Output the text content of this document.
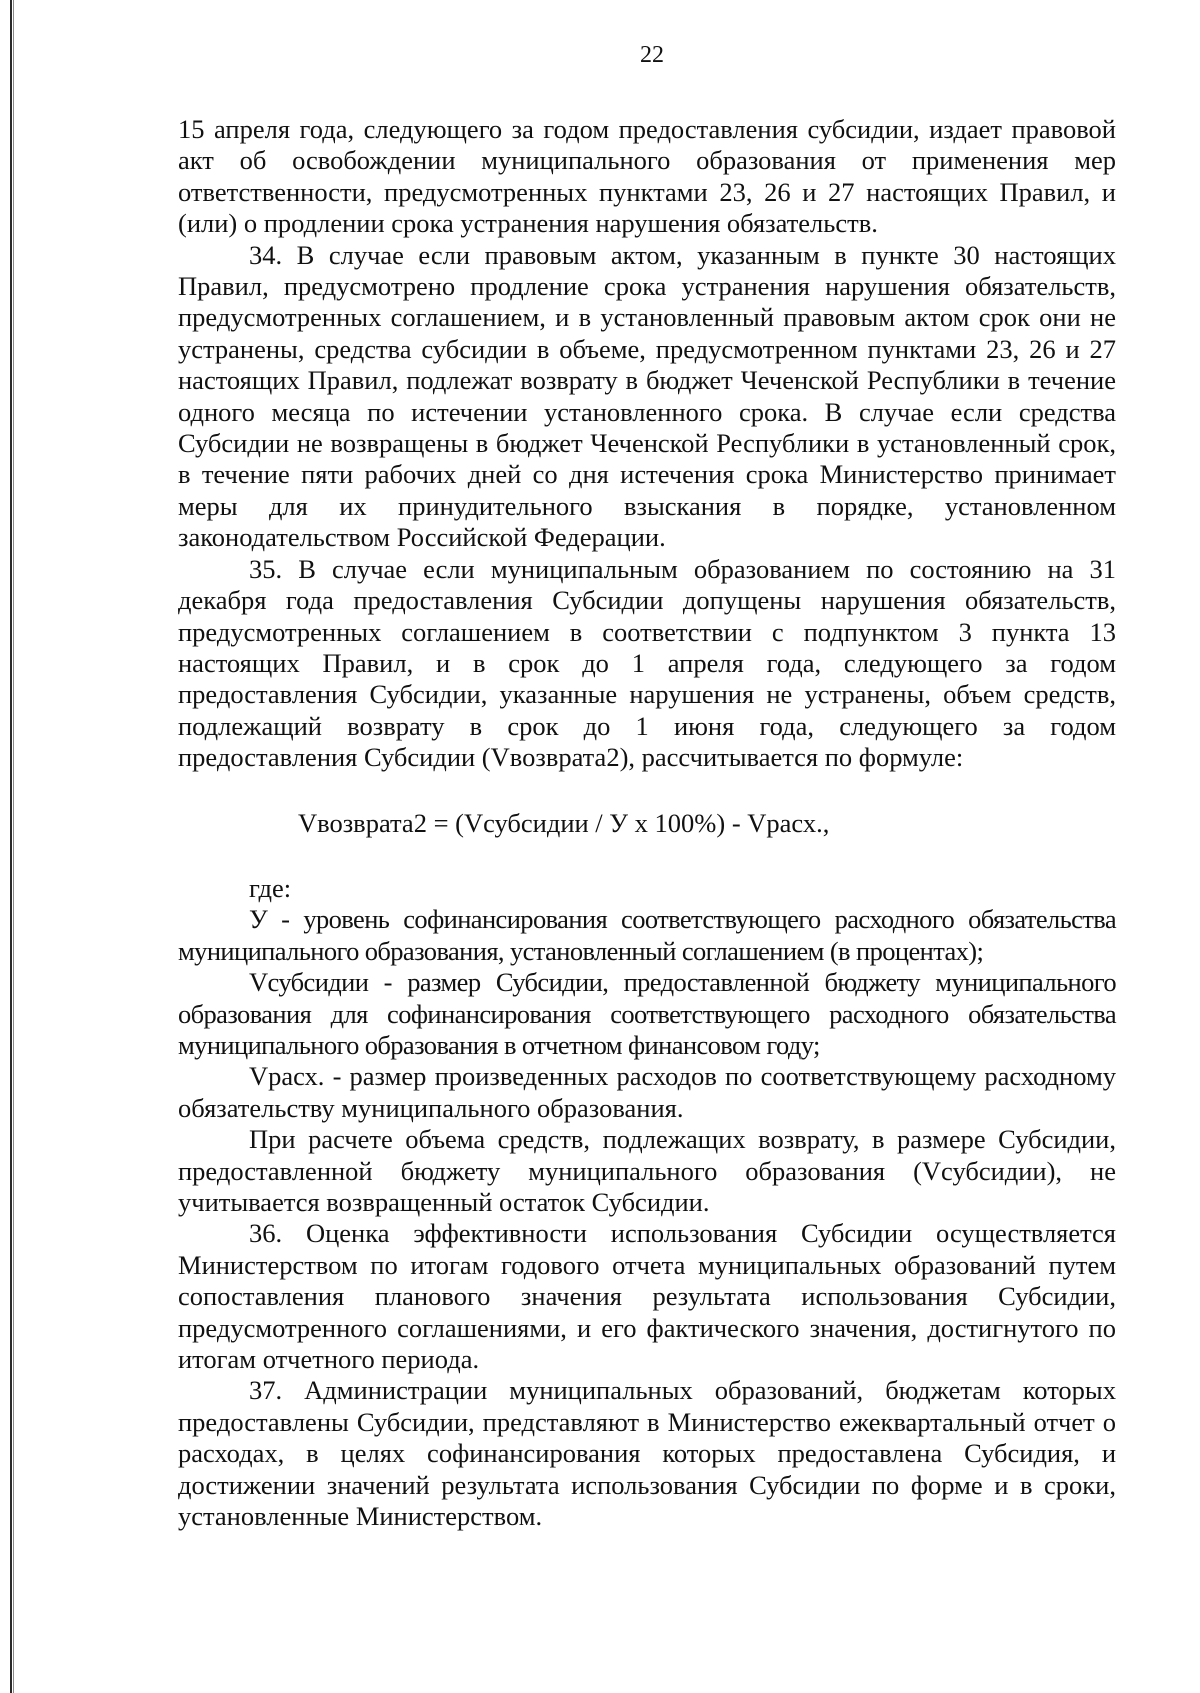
22

15 апреля года, следующего за годом предоставления субсидии, издает правовой акт об освобождении муниципального образования от применения мер ответственности, предусмотренных пунктами 23, 26 и 27 настоящих Правил, и (или) о продлении срока устранения нарушения обязательств.

34. В случае если правовым актом, указанным в пункте 30 настоящих Правил, предусмотрено продление срока устранения нарушения обязательств, предусмотренных соглашением, и в установленный правовым актом срок они не устранены, средства субсидии в объеме, предусмотренном пунктами 23, 26 и 27 настоящих Правил, подлежат возврату в бюджет Чеченской Республики в течение одного месяца по истечении установленного срока. В случае если средства Субсидии не возвращены в бюджет Чеченской Республики в установленный срок, в течение пяти рабочих дней со дня истечения срока Министерство принимает меры для их принудительного взыскания в порядке, установленном законодательством Российской Федерации.

35. В случае если муниципальным образованием по состоянию на 31 декабря года предоставления Субсидии допущены нарушения обязательств, предусмотренных соглашением в соответствии с подпунктом 3 пункта 13 настоящих Правил, и в срок до 1 апреля года, следующего за годом предоставления Субсидии, указанные нарушения не устранены, объем средств, подлежащий возврату в срок до 1 июня года, следующего за годом предоставления Субсидии (Vвозврата2), рассчитывается по формуле:

Vвозврата2 = (Vсубсидии / У х 100%) - Vрасх.,

где:

У - уровень софинансирования соответствующего расходного обязательства муниципального образования, установленный соглашением (в процентах);

Vсубсидии - размер Субсидии, предоставленной бюджету муниципального образования для софинансирования соответствующего расходного обязательства муниципального образования в отчетном финансовом году;

Vрасх. - размер произведенных расходов по соответствующему расходному обязательству муниципального образования.

При расчете объема средств, подлежащих возврату, в размере Субсидии, предоставленной бюджету муниципального образования (Vсубсидии), не учитывается возвращенный остаток Субсидии.

36. Оценка эффективности использования Субсидии осуществляется Министерством по итогам годового отчета муниципальных образований путем сопоставления планового значения результата использования Субсидии, предусмотренного соглашениями, и его фактического значения, достигнутого по итогам отчетного периода.

37. Администрации муниципальных образований, бюджетам которых предоставлены Субсидии, представляют в Министерство ежеквартальный отчет о расходах, в целях софинансирования которых предоставлена Субсидия, и достижении значений результата использования Субсидии по форме и в сроки, установленные Министерством.
